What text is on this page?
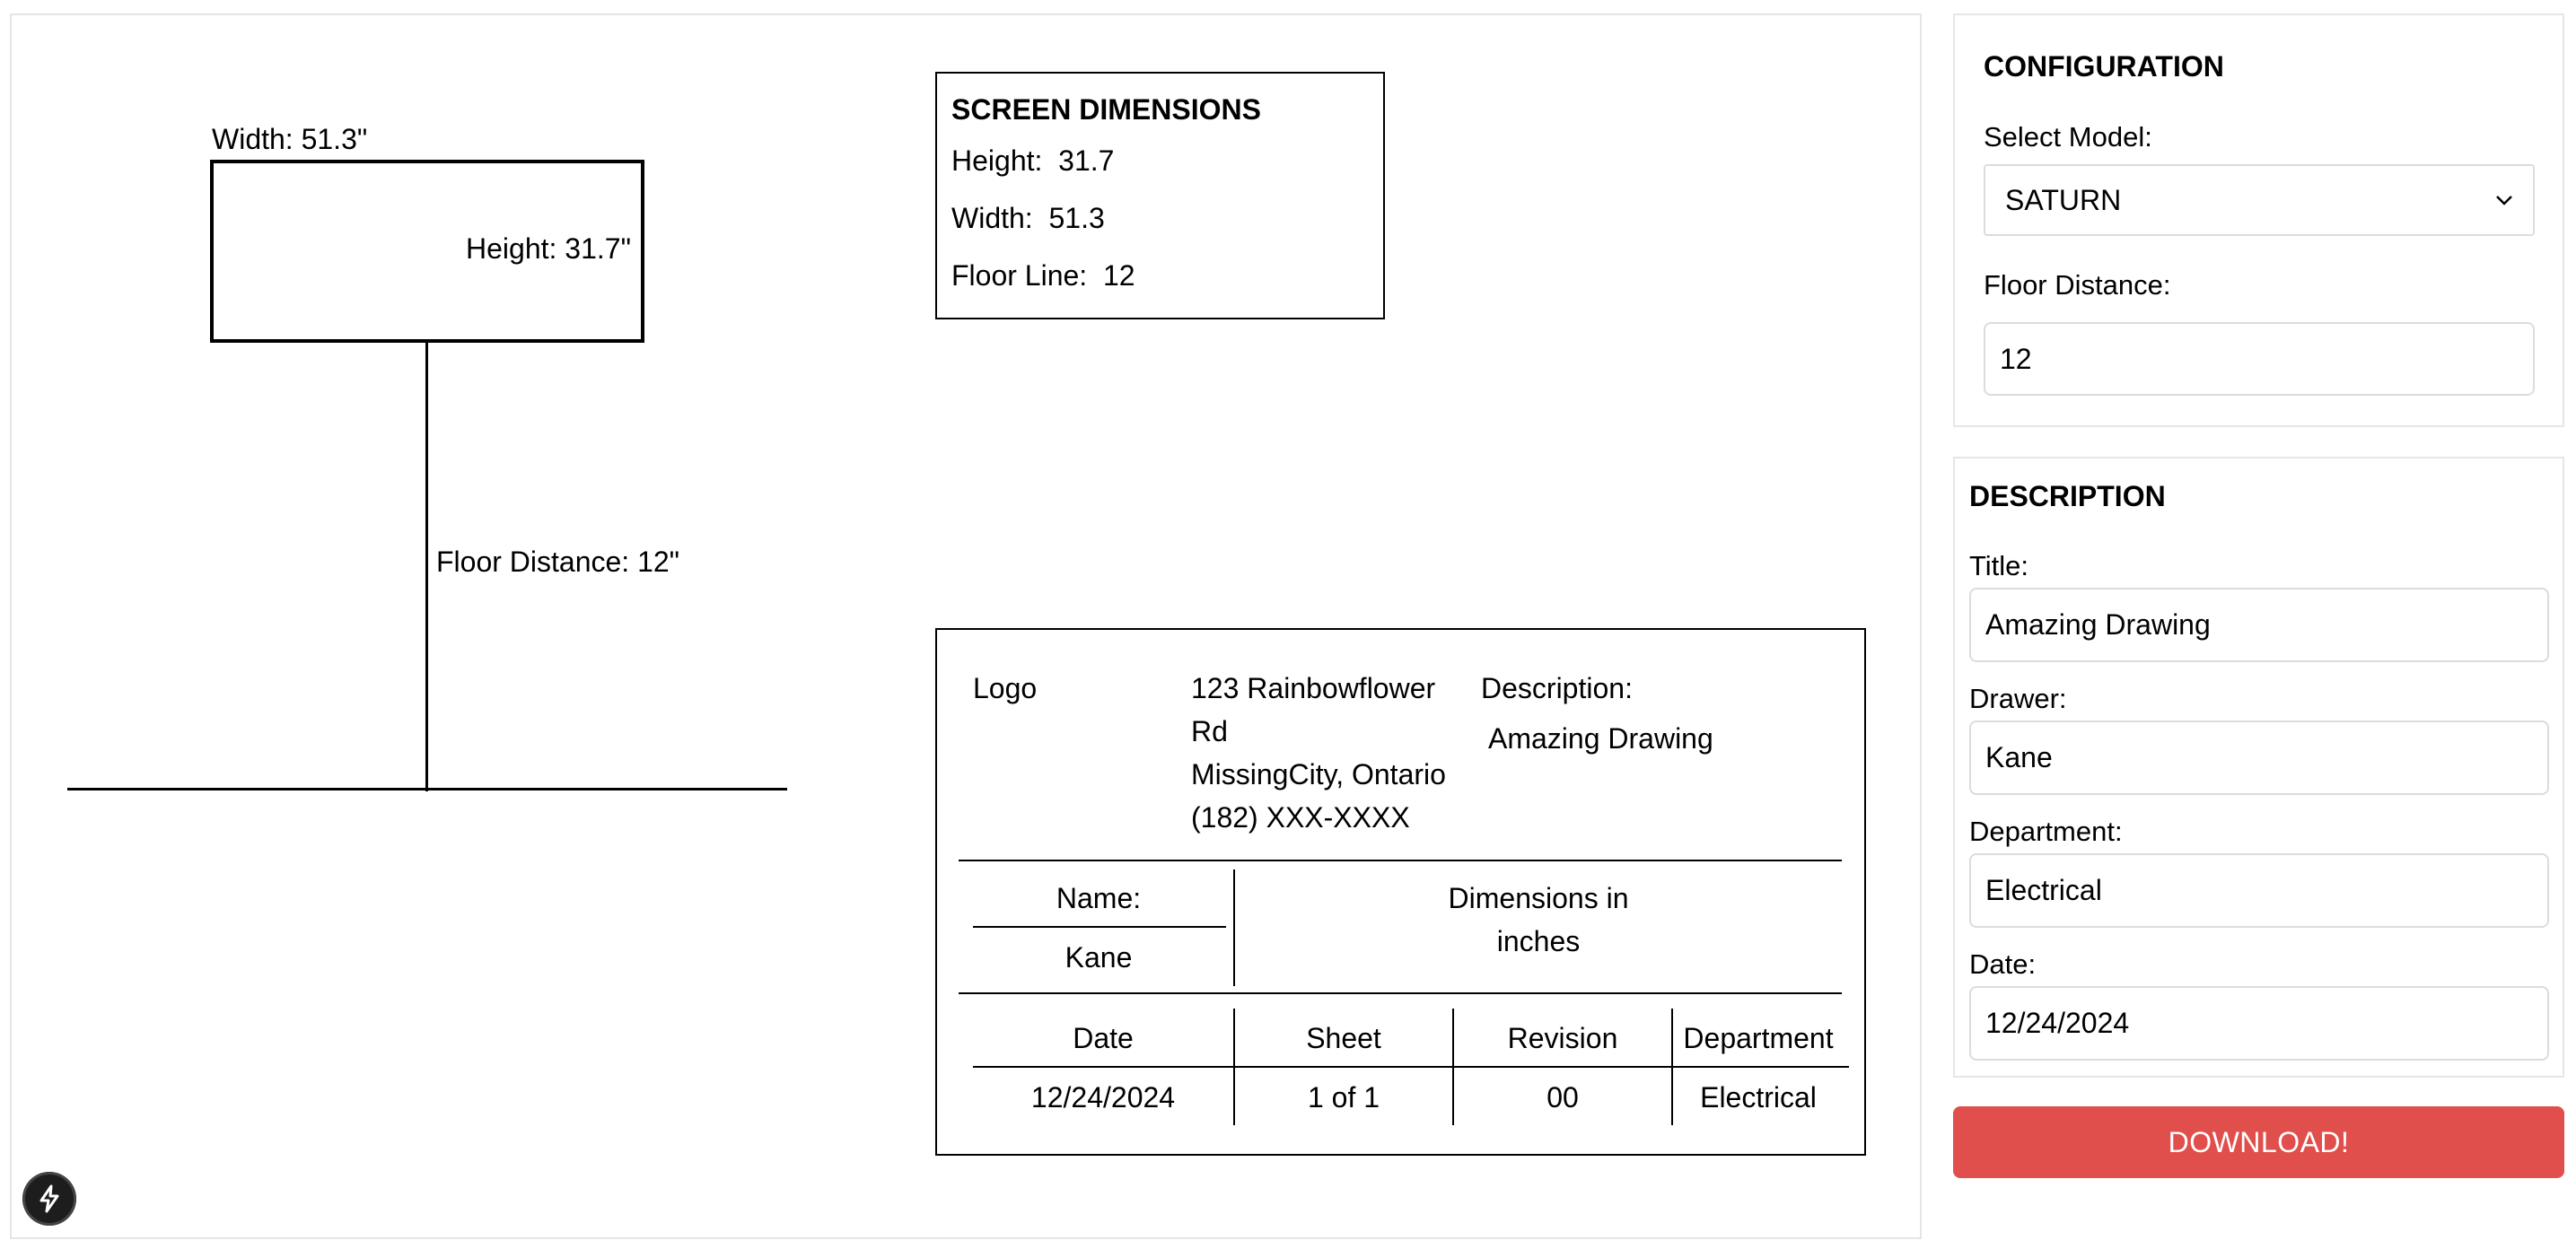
Width: 51.3"
Height: 31.7"
Floor Distance: 12"
SCREEN DIMENSIONS
Height: 31.7
Width: 51.3
Floor Line: 12
Logo	123 Rainbowflower
Rd
MissingCity, Ontario
(182) XXX-XXXX
Description:
Amazing Drawing
Name:
Kane
Dimensions in
inches
Date	Sheet	Revision	Department
12/24/2024	1 of 1	00	Electrical
CONFIGURATION
Select Model:
SATURN
Floor Distance:
12
DESCRIPTION
Title:
Amazing Drawing
Drawer:
Kane
Department:
Electrical
Date:
12/24/2024
DOWNLOAD!
